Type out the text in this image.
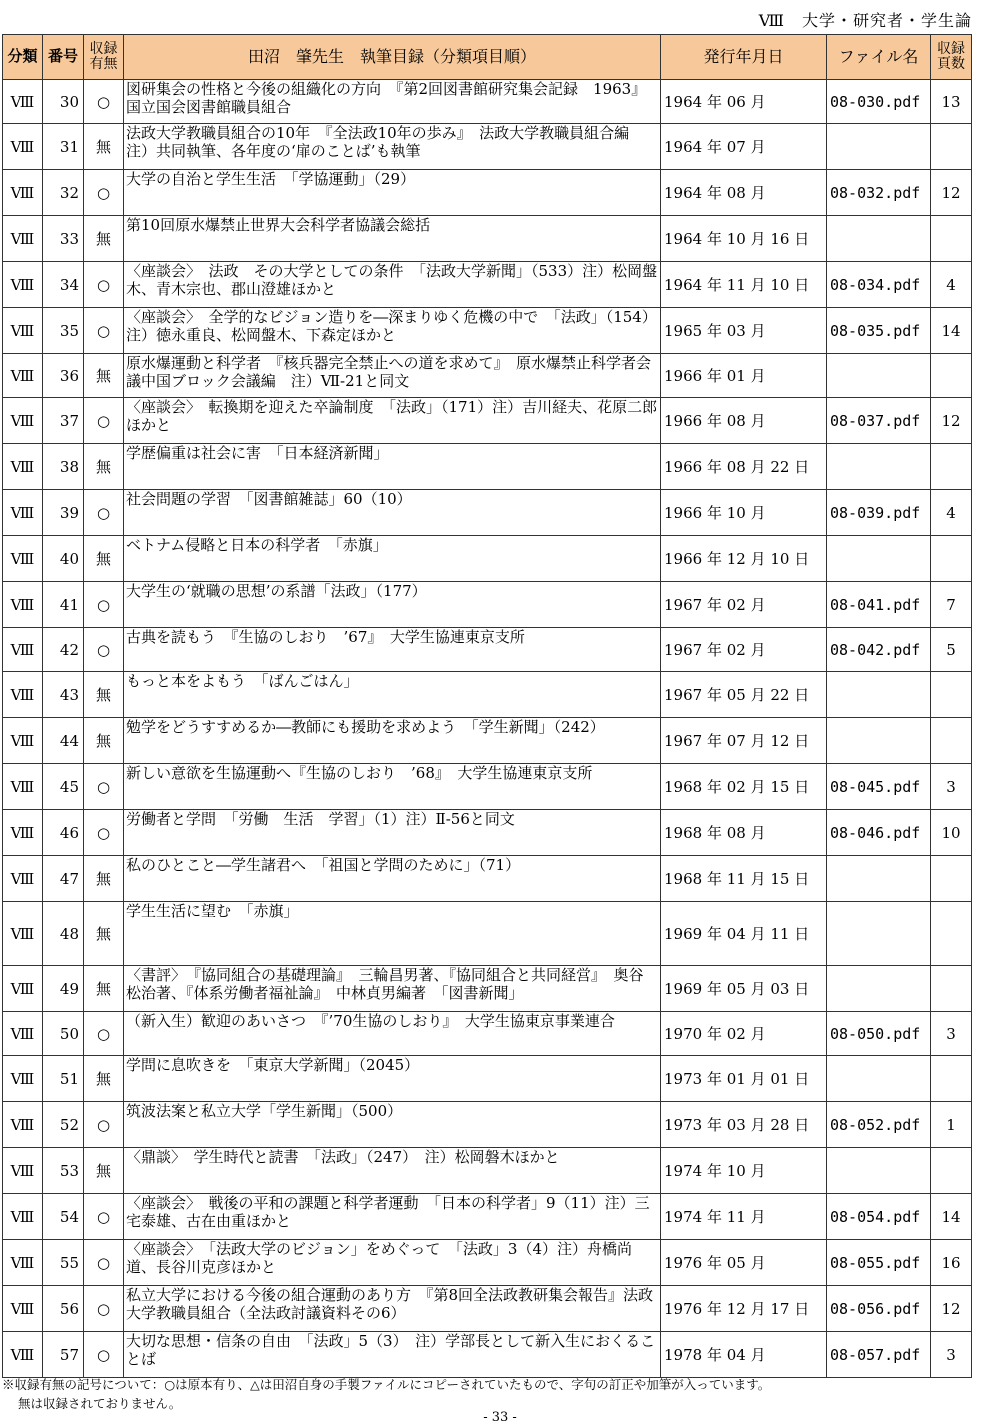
Ⅷ　大学・研究者・学生論
分類	番号	収録有無	田沼　肇先生　執筆目録（分類項目順）	発行年月日	ファイル名	収録頁数
Ⅷ	30	○	図研集会の性格と今後の組織化の方向　『第2回図書館研究集会記録　1963』　国立国会図書館職員組合	1964 年 06 月	08-030.pdf	13
Ⅷ	31	無	法政大学教職員組合の10年　『全法政10年の歩み』　法政大学教職員組合編　注）共同執筆、各年度の‘扉のことば’も執筆	1964 年 07 月		
Ⅷ	32	○	大学の自治と学生生活　「学協運動」（29）	1964 年 08 月	08-032.pdf	12
Ⅷ	33	無	第10回原水爆禁止世界大会科学者協議会総括	1964 年 10 月 16 日		
Ⅷ	34	○	〈座談会〉　法政　その大学としての条件　「法政大学新聞」（533）注）松岡盤木、青木宗也、郡山澄雄ほかと	1964 年 11 月 10 日	08-034.pdf	4
Ⅷ	35	○	〈座談会〉　全学的なビジョン造りを―深まりゆく危機の中で　「法政」（154）　注）徳永重良、松岡盤木、下森定ほかと	1965 年 03 月	08-035.pdf	14
Ⅷ	36	無	原水爆運動と科学者　『核兵器完全禁止への道を求めて』　原水爆禁止科学者会議中国ブロック会議編　注）Ⅶ-21と同文	1966 年 01 月		
Ⅷ	37	○	〈座談会〉　転換期を迎えた卒論制度　「法政」（171）注）吉川経夫、花原二郎ほかと	1966 年 08 月	08-037.pdf	12
Ⅷ	38	無	学歴偏重は社会に害　「日本経済新聞」	1966 年 08 月 22 日		
Ⅷ	39	○	社会問題の学習　「図書館雑誌」60（10）	1966 年 10 月	08-039.pdf	4
Ⅷ	40	無	ベトナム侵略と日本の科学者　「赤旗」	1966 年 12 月 10 日		
Ⅷ	41	○	大学生の‘就職の思想’の系譜「法政」（177）	1967 年 02 月	08-041.pdf	7
Ⅷ	42	○	古典を読もう　『生協のしおり　’67』　大学生協連東京支所	1967 年 02 月	08-042.pdf	5
Ⅷ	43	無	もっと本をよもう　「ばんごはん」	1967 年 05 月 22 日		
Ⅷ	44	無	勉学をどうすすめるか―教師にも援助を求めよう　「学生新聞」（242）	1967 年 07 月 12 日		
Ⅷ	45	○	新しい意欲を生協運動へ『生協のしおり　’68』　大学生協連東京支所	1968 年 02 月 15 日	08-045.pdf	3
Ⅷ	46	○	労働者と学問　「労働　生活　学習」（1）注）Ⅱ-56と同文	1968 年 08 月	08-046.pdf	10
Ⅷ	47	無	私のひとこと―学生諸君へ　「祖国と学問のために」（71）	1968 年 11 月 15 日		
Ⅷ	48	無	学生生活に望む　「赤旗」	1969 年 04 月 11 日		
Ⅷ	49	無	〈書評〉　『協同組合の基礎理論』　三輪昌男著、『協同組合と共同経営』　奥谷松治著、『体系労働者福祉論』　中林貞男編著　「図書新聞」	1969 年 05 月 03 日		
Ⅷ	50	○	（新入生）歓迎のあいさつ　『’70生協のしおり』　大学生協東京事業連合	1970 年 02 月	08-050.pdf	3
Ⅷ	51	無	学問に息吹きを　「東京大学新聞」（2045）	1973 年 01 月 01 日		
Ⅷ	52	○	筑波法案と私立大学「学生新聞」（500）	1973 年 03 月 28 日	08-052.pdf	1
Ⅷ	53	無	〈鼎談〉　学生時代と読書　「法政」（247）　注）松岡磐木ほかと	1974 年 10 月		
Ⅷ	54	○	〈座談会〉　戦後の平和の課題と科学者運動　「日本の科学者」9（11）注）三宅泰雄、古在由重ほかと	1974 年 11 月	08-054.pdf	14
Ⅷ	55	○	〈座談会〉　「法政大学のビジョン」をめぐって　「法政」3（4）注）舟橋尚道、長谷川克彦ほかと	1976 年 05 月	08-055.pdf	16
Ⅷ	56	○	私立大学における今後の組合運動のあり方　『第8回全法政教研集会報告』法政大学教職員組合（全法政討議資料その6）	1976 年 12 月 17 日	08-056.pdf	12
Ⅷ	57	○	大切な思想・信条の自由　「法政」5（3）　注）学部長として新入生におくることば	1978 年 04 月	08-057.pdf	3
※収録有無の記号について：○は原本有り、△は田沼自身の手製ファイルにコピーされていたもので、字句の訂正や加筆が入っています。
無は収録されておりません。
- 33 -
